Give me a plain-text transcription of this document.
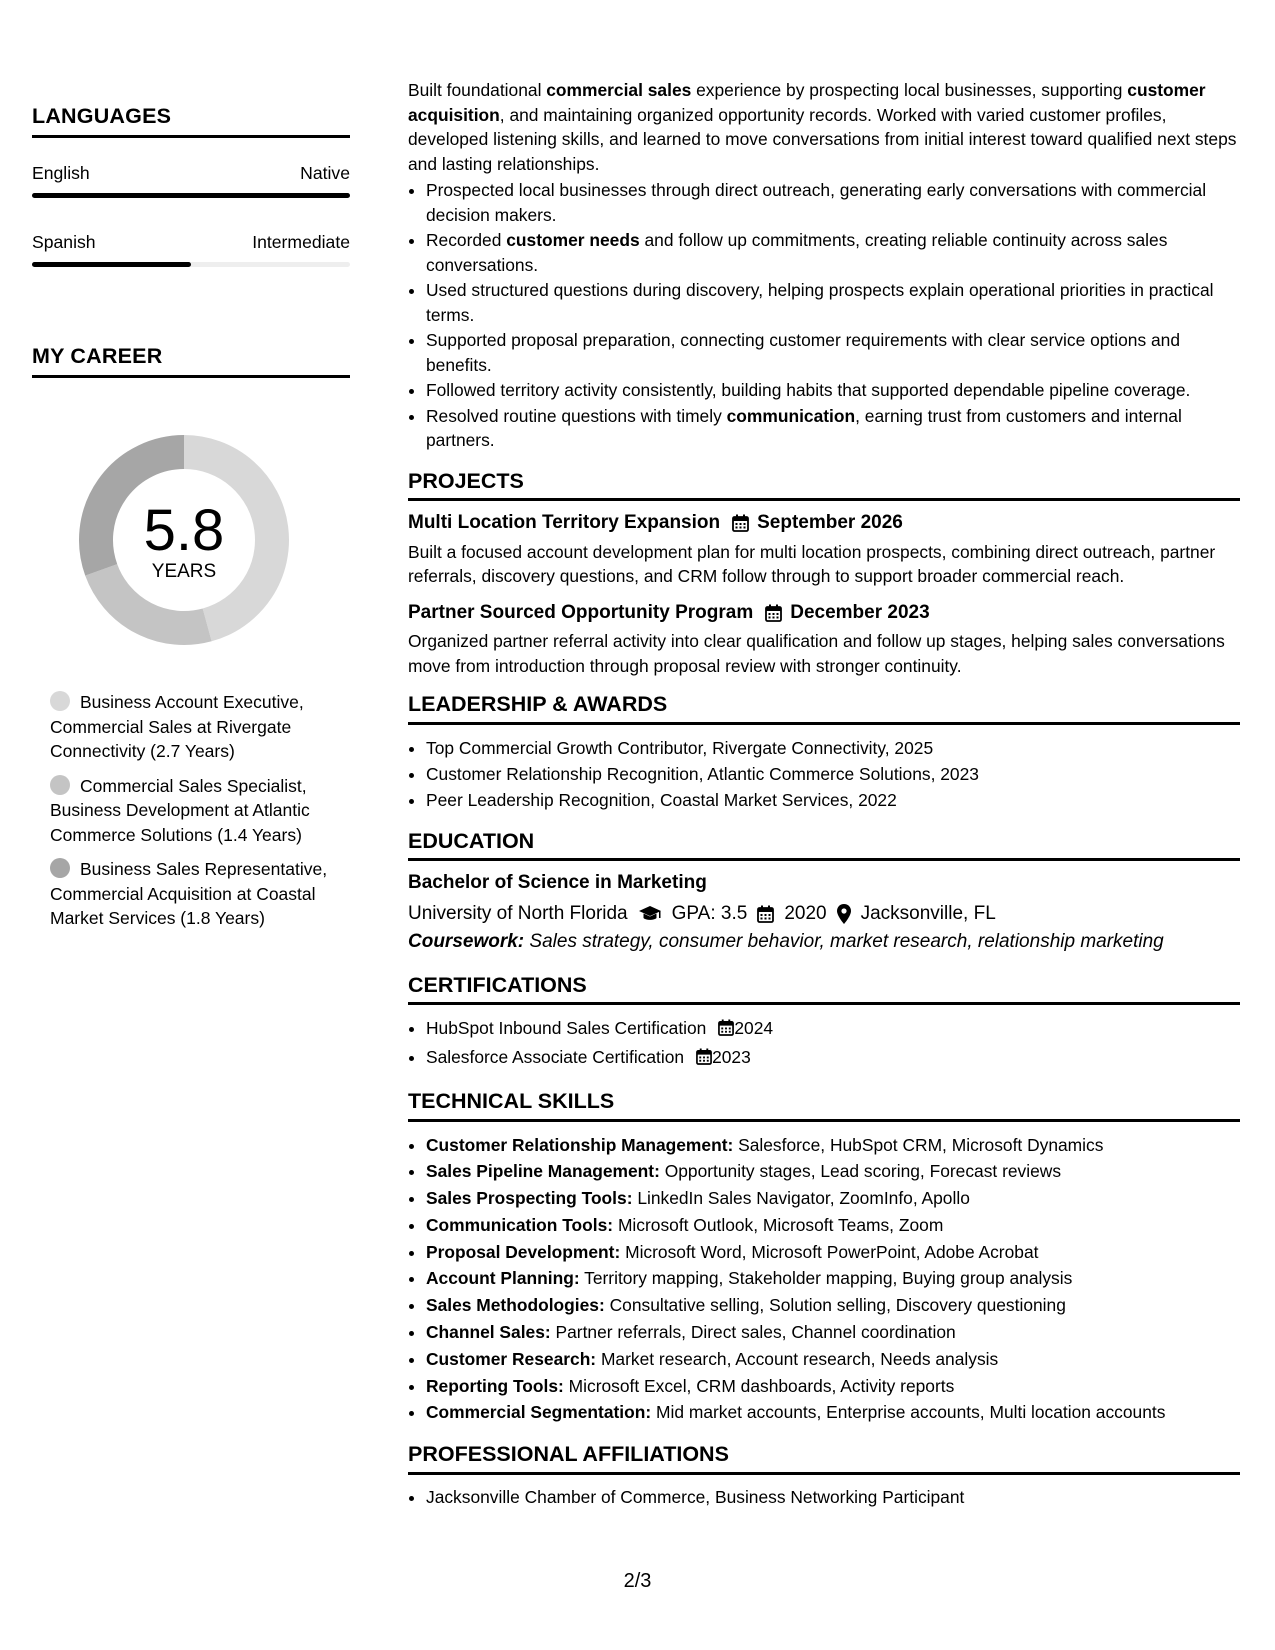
LANGUAGES
English	Native
Spanish	Intermediate
MY CAREER
5.8
YEARS
Business Account Executive, Commercial Sales at Rivergate Connectivity (2.7 Years)
Commercial Sales Specialist, Business Development at Atlantic Commerce Solutions (1.4 Years)
Business Sales Representative, Commercial Acquisition at Coastal Market Services (1.8 Years)
Built foundational commercial sales experience by prospecting local businesses, supporting customer acquisition, and maintaining organized opportunity records. Worked with varied customer profiles, developed listening skills, and learned to move conversations from initial interest toward qualified next steps and lasting relationships.
• Prospected local businesses through direct outreach, generating early conversations with commercial decision makers.
• Recorded customer needs and follow up commitments, creating reliable continuity across sales conversations.
• Used structured questions during discovery, helping prospects explain operational priorities in practical terms.
• Supported proposal preparation, connecting customer requirements with clear service options and benefits.
• Followed territory activity consistently, building habits that supported dependable pipeline coverage.
• Resolved routine questions with timely communication, earning trust from customers and internal partners.
PROJECTS
Multi Location Territory Expansion September 2026
Built a focused account development plan for multi location prospects, combining direct outreach, partner referrals, discovery questions, and CRM follow through to support broader commercial reach.
Partner Sourced Opportunity Program December 2023
Organized partner referral activity into clear qualification and follow up stages, helping sales conversations move from introduction through proposal review with stronger continuity.
LEADERSHIP & AWARDS
• Top Commercial Growth Contributor, Rivergate Connectivity, 2025
• Customer Relationship Recognition, Atlantic Commerce Solutions, 2023
• Peer Leadership Recognition, Coastal Market Services, 2022
EDUCATION
Bachelor of Science in Marketing
University of North Florida GPA: 3.5 2020 Jacksonville, FL
Coursework: Sales strategy, consumer behavior, market research, relationship marketing
CERTIFICATIONS
• HubSpot Inbound Sales Certification 2024
• Salesforce Associate Certification 2023
TECHNICAL SKILLS
• Customer Relationship Management: Salesforce, HubSpot CRM, Microsoft Dynamics
• Sales Pipeline Management: Opportunity stages, Lead scoring, Forecast reviews
• Sales Prospecting Tools: LinkedIn Sales Navigator, ZoomInfo, Apollo
• Communication Tools: Microsoft Outlook, Microsoft Teams, Zoom
• Proposal Development: Microsoft Word, Microsoft PowerPoint, Adobe Acrobat
• Account Planning: Territory mapping, Stakeholder mapping, Buying group analysis
• Sales Methodologies: Consultative selling, Solution selling, Discovery questioning
• Channel Sales: Partner referrals, Direct sales, Channel coordination
• Customer Research: Market research, Account research, Needs analysis
• Reporting Tools: Microsoft Excel, CRM dashboards, Activity reports
• Commercial Segmentation: Mid market accounts, Enterprise accounts, Multi location accounts
PROFESSIONAL AFFILIATIONS
• Jacksonville Chamber of Commerce, Business Networking Participant
2/3
